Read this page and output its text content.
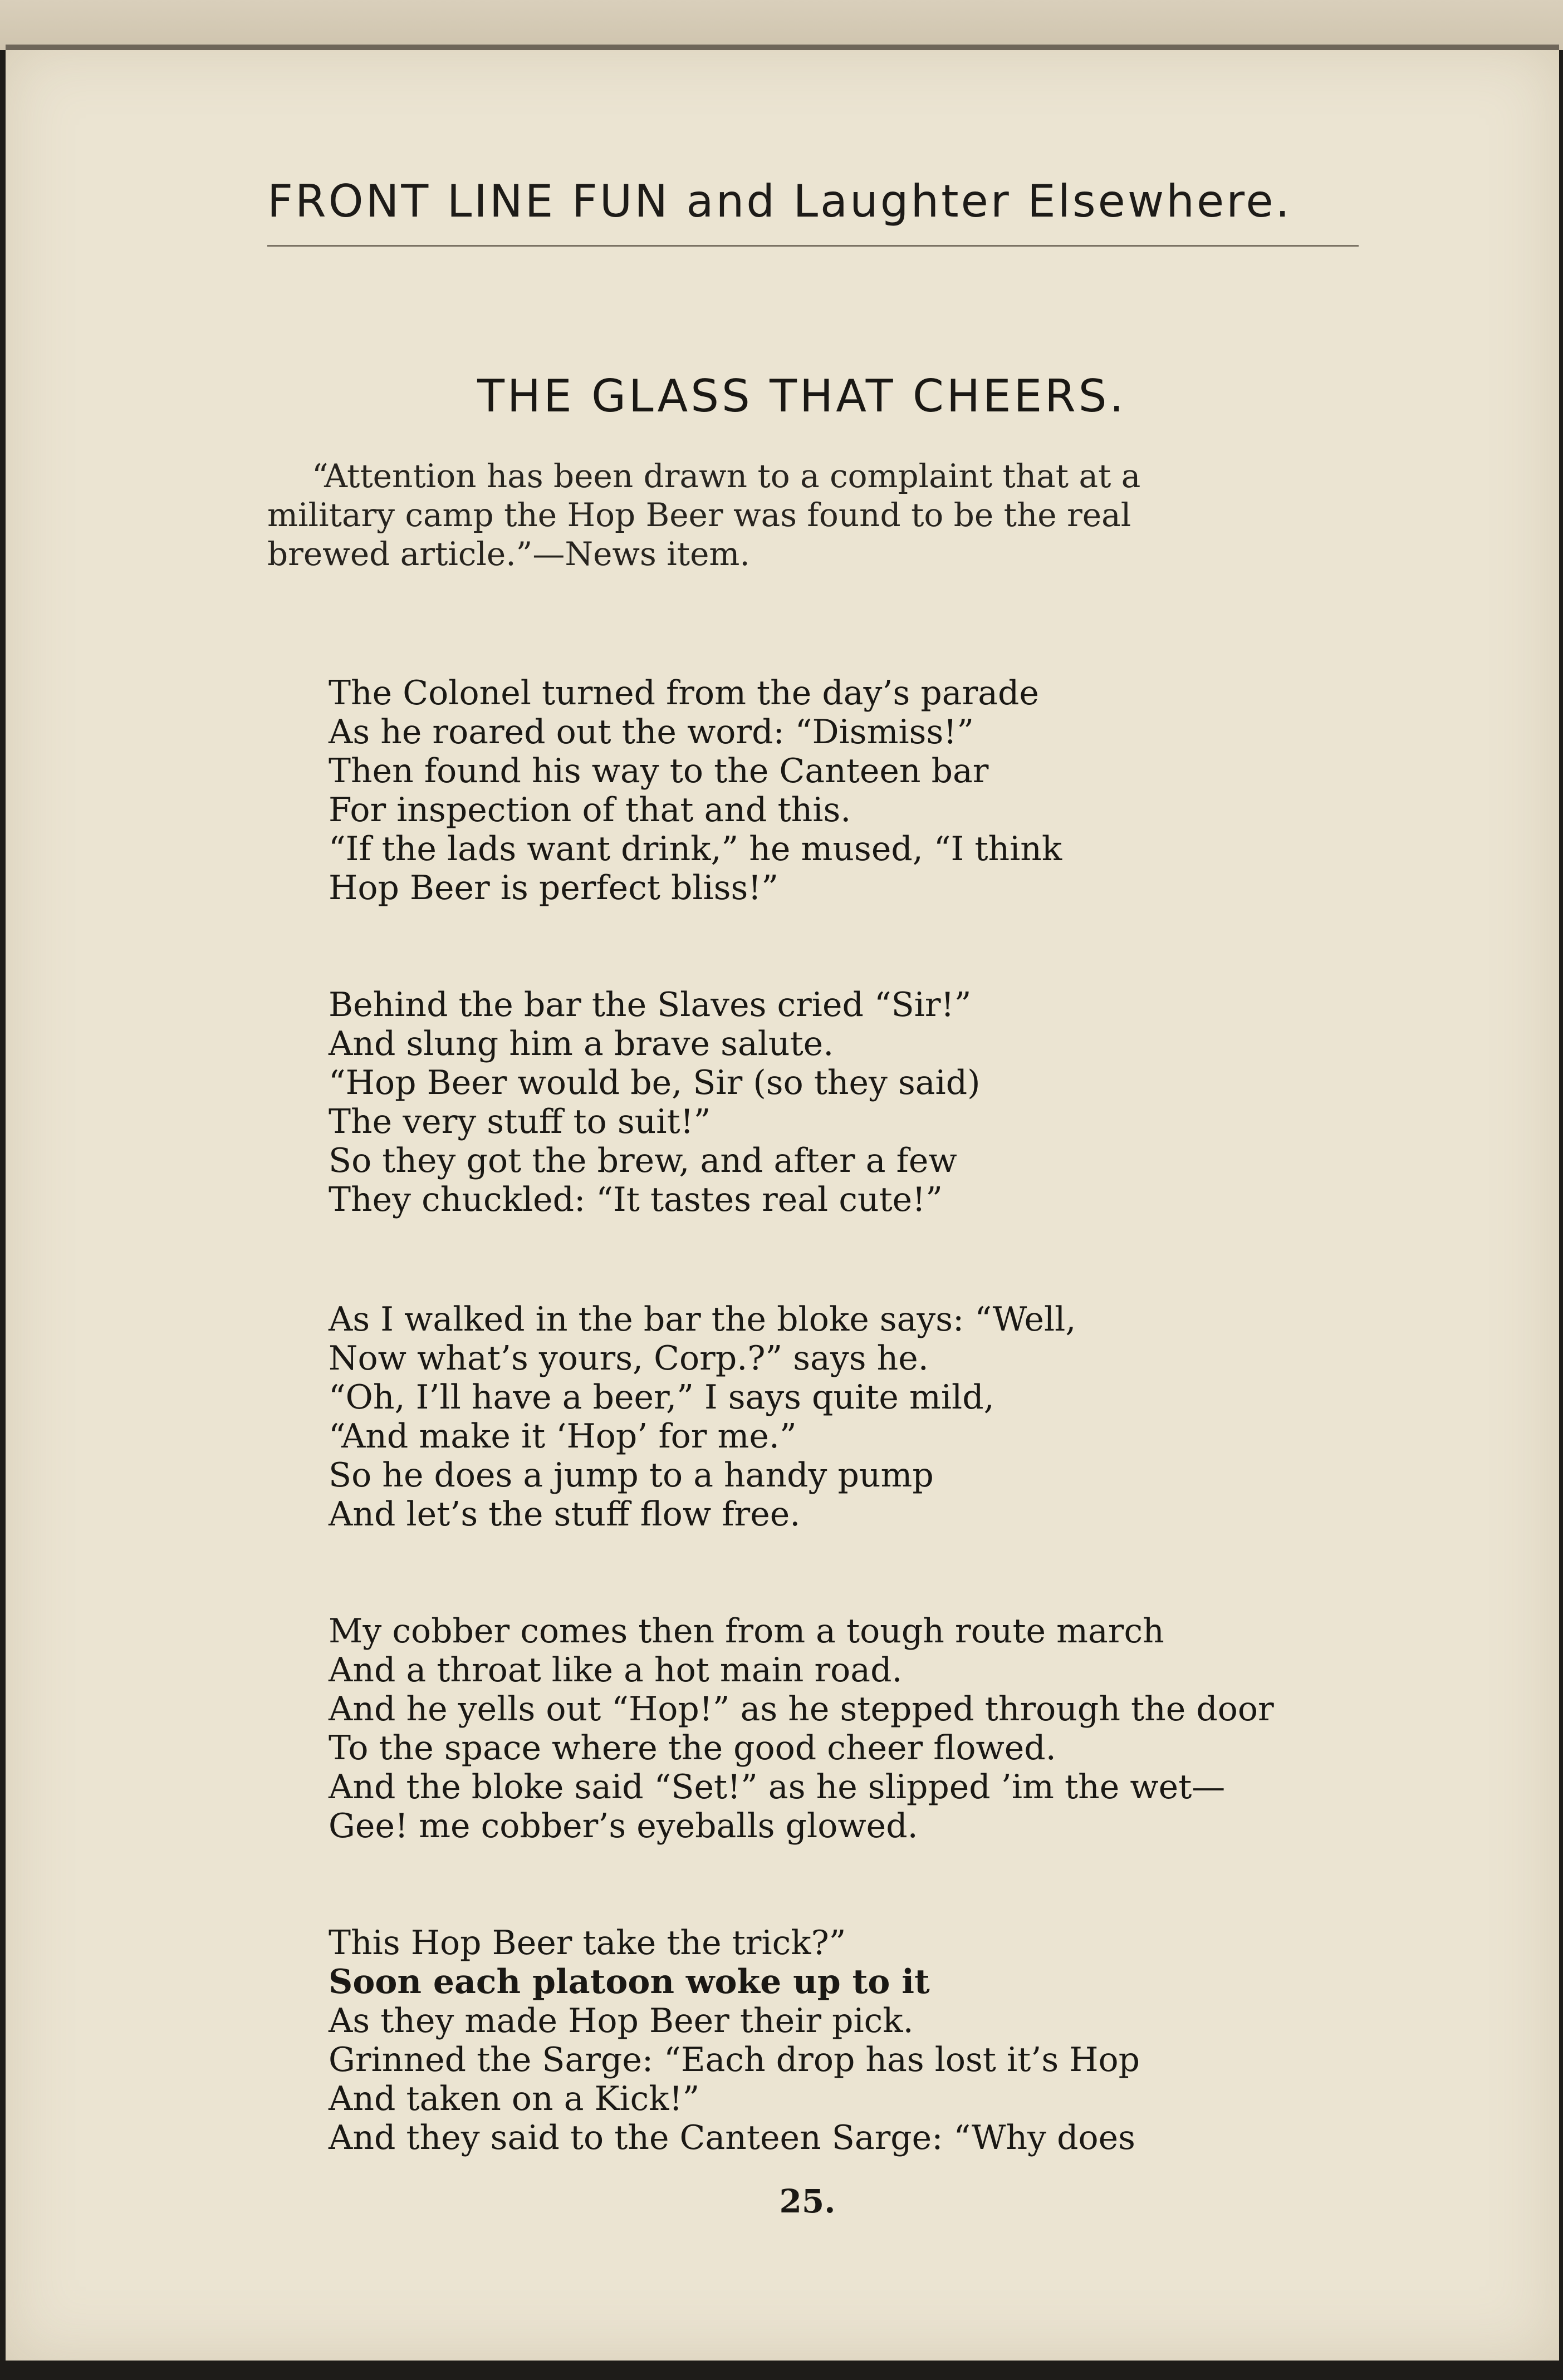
FRONT LINE FUN and Laughter Elsewhere.
THE GLASS THAT CHEERS.
“Attention has been drawn to a complaint that at a
military camp the Hop Beer was found to be the real
brewed article.”—News item.
The Colonel turned from the day’s parade
As he roared out the word: “Dismiss!”
Then found his way to the Canteen bar
For inspection of that and this.
“If the lads want drink,” he mused, “I think
Hop Beer is perfect bliss!”
Behind the bar the Slaves cried “Sir!”
And slung him a brave salute.
“Hop Beer would be, Sir (so they said)
The very stuff to suit!”
So they got the brew, and after a few
They chuckled: “It tastes real cute!”
As I walked in the bar the bloke says: “Well,
Now what’s yours, Corp.?” says he.
“Oh, I’ll have a beer,” I says quite mild,
“And make it ‘Hop’ for me.”
So he does a jump to a handy pump
And let’s the stuff flow free.
My cobber comes then from a tough route march
And a throat like a hot main road.
And he yells out “Hop!” as he stepped through the door
To the space where the good cheer flowed.
And the bloke said “Set!” as he slipped ’im the wet—
Gee! me cobber’s eyeballs glowed.
This Hop Beer take the trick?”
Soon each platoon woke up to it
As they made Hop Beer their pick.
Grinned the Sarge: “Each drop has lost it’s Hop
And taken on a Kick!”
And they said to the Canteen Sarge: “Why does
25.
